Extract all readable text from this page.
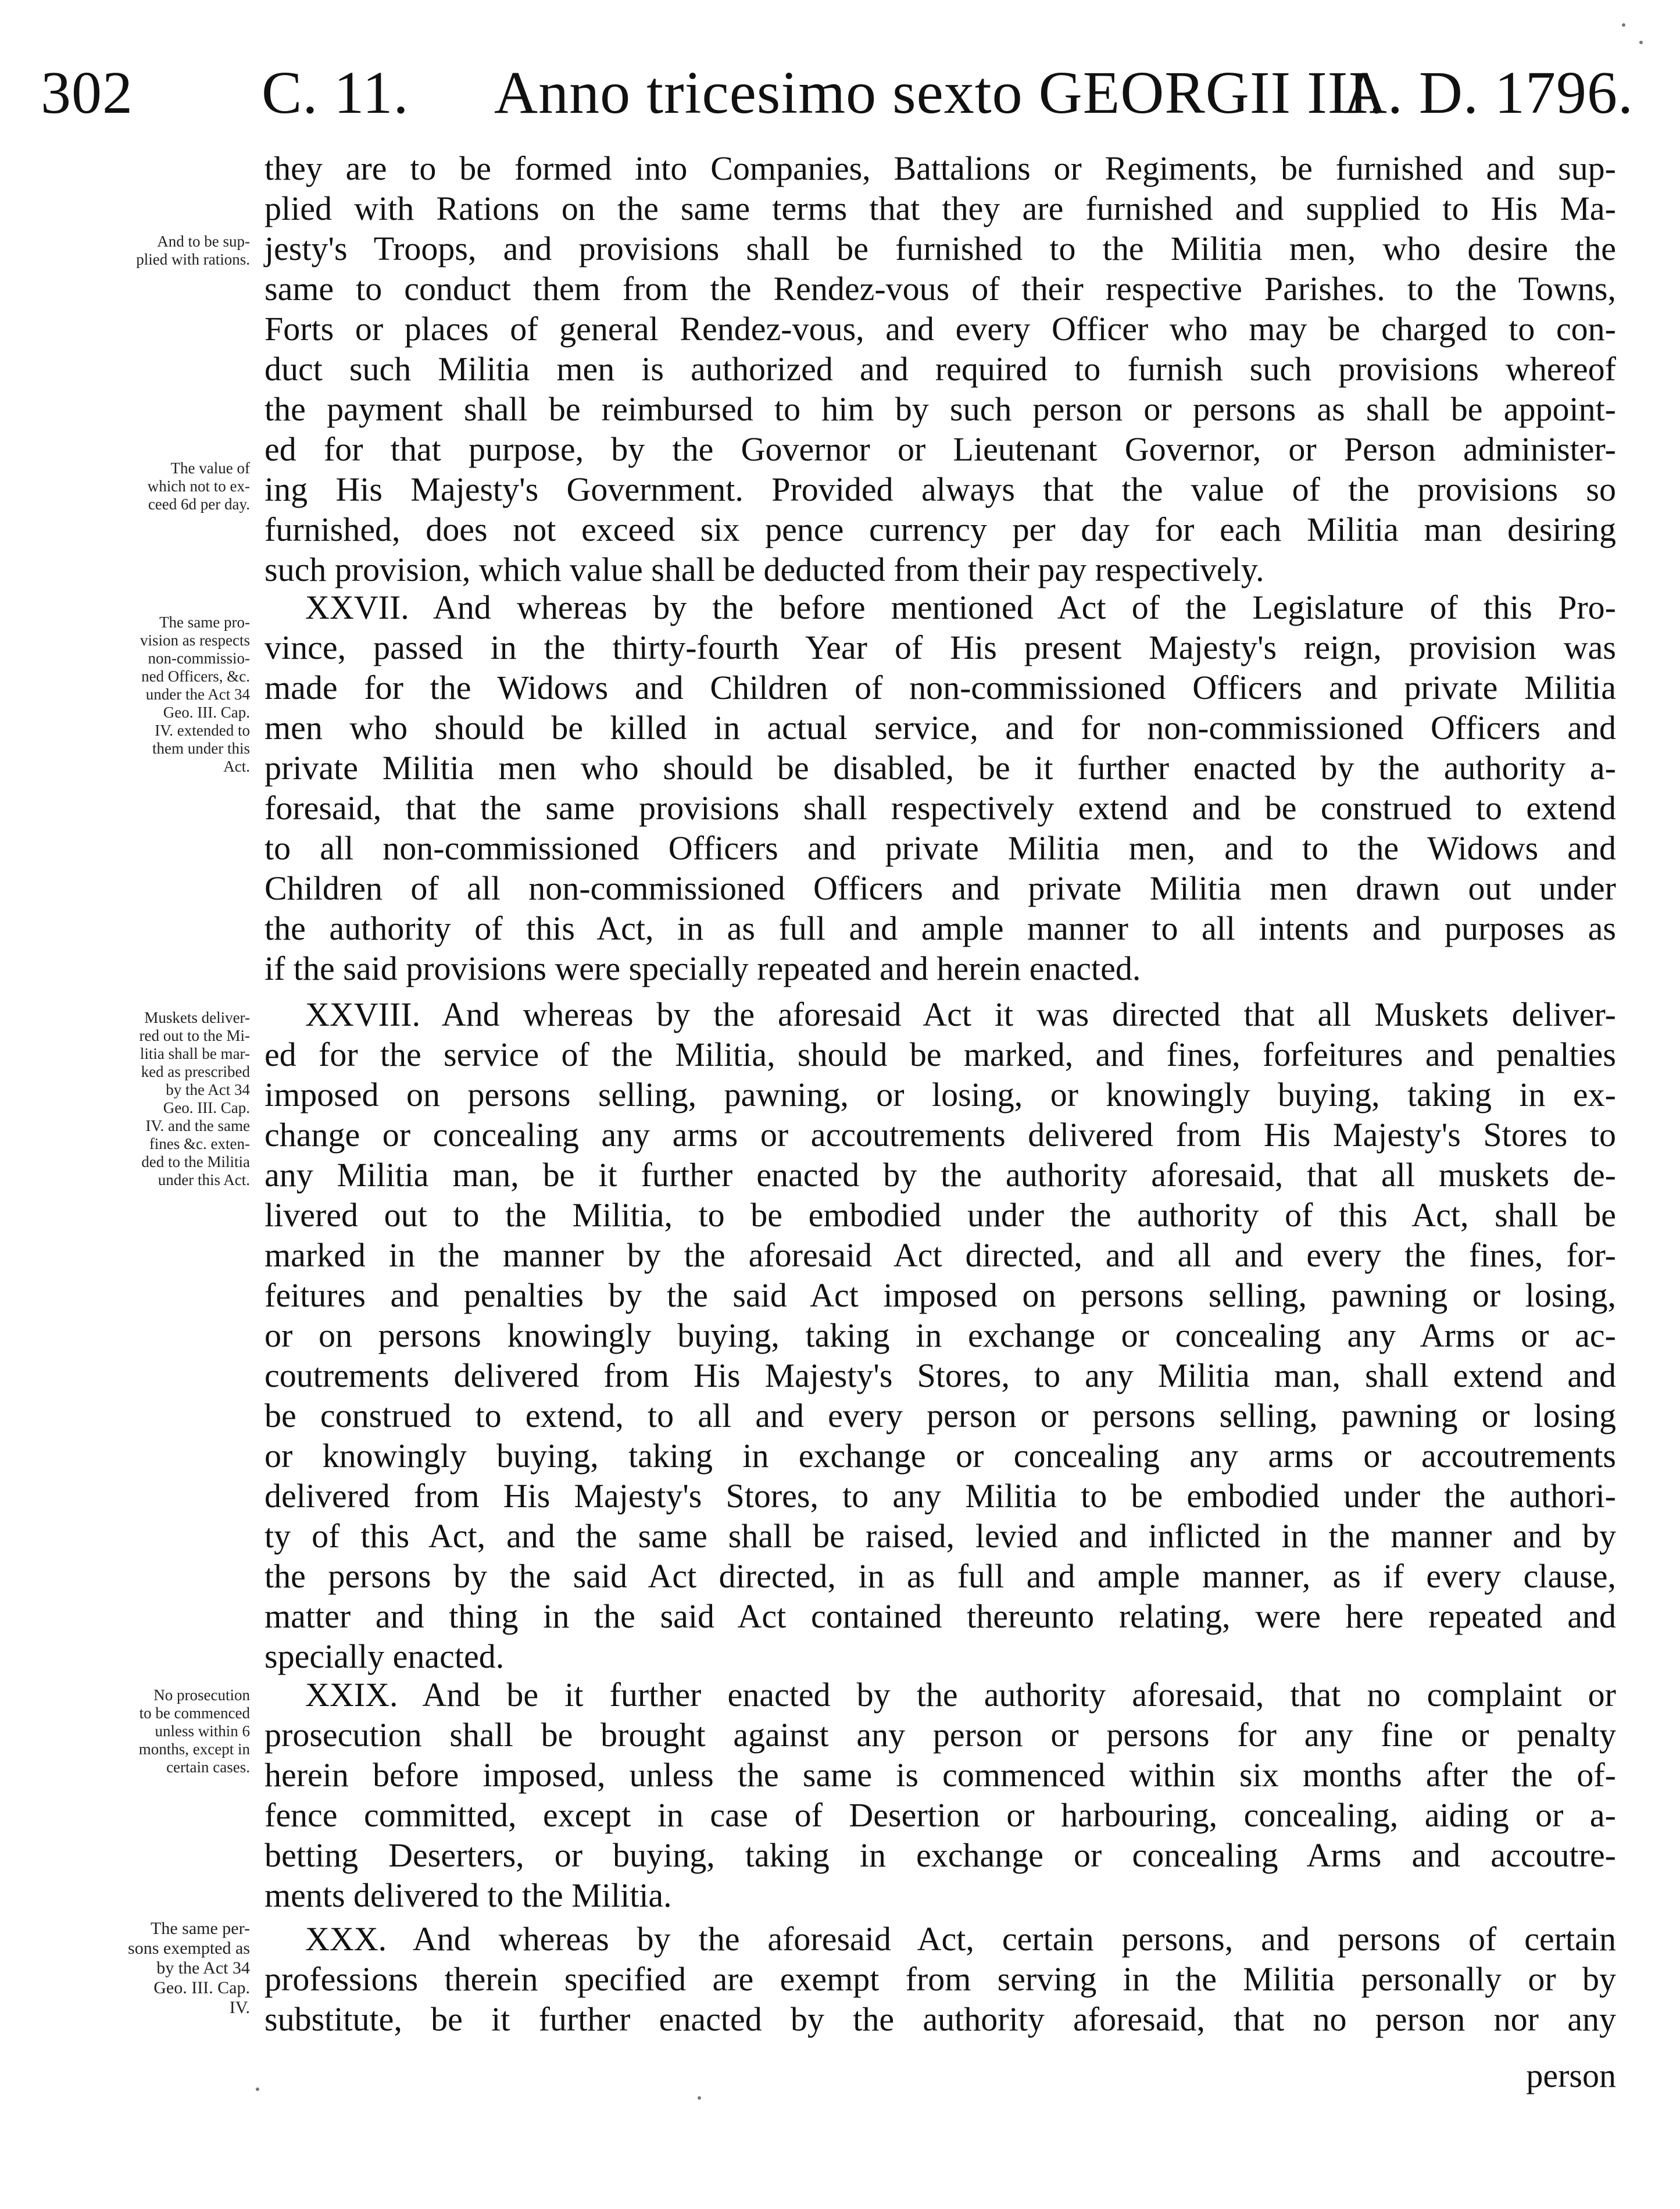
302 C. 11. Anno tricesimo sexto GEORGII III.
A. D. 1796.
And to be sup-
plied with rations.
The value of
which not to ex-
ceed 6d per day.
The same pro-
vision as respects
non-commissio-
ned Officers, &c.
under the Act 34
Geo. III. Cap.
IV. extended to
them under this
Act.
Muskets deliver-
red out to the Mi-
litia shall be mar-
ked as prescribed
by the Act 34
Geo. III. Cap.
IV. and the same
fines &c. exten-
ded to the Militia
under this Act.
No prosecution
to be commenced
unless within 6
months, except in
certain cases.
The same per-
sons exempted as
by the Act 34
Geo. III. Cap.
IV.
they are to be formed into Companies, Battalions or Regiments, be furnished and sup-
plied with Rations on the same terms that they are furnished and supplied to His Ma-
jesty's Troops, and provisions shall be furnished to the Militia men, who desire the
same to conduct them from the Rendez-vous of their respective Parishes. to the Towns,
Forts or places of general Rendez-vous, and every Officer who may be charged to con-
duct such Militia men is authorized and required to furnish such provisions whereof
the payment shall be reimbursed to him by such person or persons as shall be appoint-
ed for that purpose, by the Governor or Lieutenant Governor, or Person administer-
ing His Majesty's Government. Provided always that the value of the provisions so
furnished, does not exceed six pence currency per day for each Militia man desiring
such provision, which value shall be deducted from their pay respectively.
XXVII. And whereas by the before mentioned Act of the Legislature of this Pro-
vince, passed in the thirty-fourth Year of His present Majesty's reign, provision was
made for the Widows and Children of non-commissioned Officers and private Militia
men who should be killed in actual service, and for non-commissioned Officers and
private Militia men who should be disabled, be it further enacted by the authority a-
foresaid, that the same provisions shall respectively extend and be construed to extend
to all non-commissioned Officers and private Militia men, and to the Widows and
Children of all non-commissioned Officers and private Militia men drawn out under
the authority of this Act, in as full and ample manner to all intents and purposes as
if the said provisions were specially repeated and herein enacted.
XXVIII. And whereas by the aforesaid Act it was directed that all Muskets deliver-
ed for the service of the Militia, should be marked, and fines, forfeitures and penalties
imposed on persons selling, pawning, or losing, or knowingly buying, taking in ex-
change or concealing any arms or accoutrements delivered from His Majesty's Stores to
any Militia man, be it further enacted by the authority aforesaid, that all muskets de-
livered out to the Militia, to be embodied under the authority of this Act, shall be
marked in the manner by the aforesaid Act directed, and all and every the fines, for-
feitures and penalties by the said Act imposed on persons selling, pawning or losing,
or on persons knowingly buying, taking in exchange or concealing any Arms or ac-
coutrements delivered from His Majesty's Stores, to any Militia man, shall extend and
be construed to extend, to all and every person or persons selling, pawning or losing
or knowingly buying, taking in exchange or concealing any arms or accoutrements
delivered from His Majesty's Stores, to any Militia to be embodied under the authori-
ty of this Act, and the same shall be raised, levied and inflicted in the manner and by
the persons by the said Act directed, in as full and ample manner, as if every clause,
matter and thing in the said Act contained thereunto relating, were here repeated and
specially enacted.
XXIX. And be it further enacted by the authority aforesaid, that no complaint or
prosecution shall be brought against any person or persons for any fine or penalty
herein before imposed, unless the same is commenced within six months after the of-
fence committed, except in case of Desertion or harbouring, concealing, aiding or a-
betting Deserters, or buying, taking in exchange or concealing Arms and accoutre-
ments delivered to the Militia.
XXX. And whereas by the aforesaid Act, certain persons, and persons of certain
professions therein specified are exempt from serving in the Militia personally or by
substitute, be it further enacted by the authority aforesaid, that no person nor any
person
